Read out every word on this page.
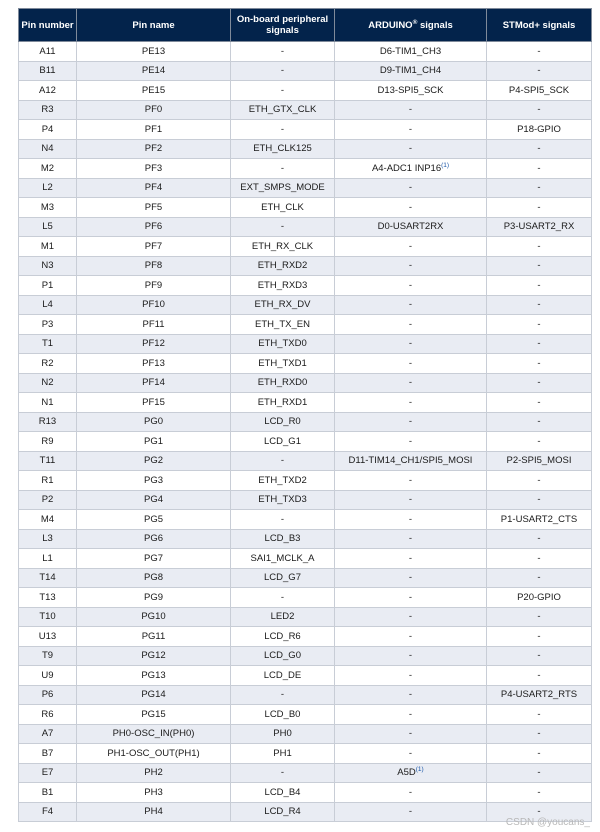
Pin number	Pin name	On-board peripheral signals	ARDUINO® signals	STMod+ signals
A11	PE13	-	D6-TIM1_CH3	-
B11	PE14	-	D9-TIM1_CH4	-
A12	PE15	-	D13-SPI5_SCK	P4-SPI5_SCK
R3	PF0	ETH_GTX_CLK	-	-
P4	PF1	-	-	P18-GPIO
N4	PF2	ETH_CLK125	-	-
M2	PF3	-	A4-ADC1 INP16$^{(1)}$	-
L2	PF4	EXT_SMPS_MODE	-	-
M3	PF5	ETH_CLK	-	-
L5	PF6	-	D0-USART2RX	P3-USART2_RX
M1	PF7	ETH_RX_CLK	-	-
N3	PF8	ETH_RXD2	-	-
P1	PF9	ETH_RXD3	-	-
L4	PF10	ETH_RX_DV	-	-
P3	PF11	ETH_TX_EN	-	-
T1	PF12	ETH_TXD0	-	-
R2	PF13	ETH_TXD1	-	-
N2	PF14	ETH_RXD0	-	-
N1	PF15	ETH_RXD1	-	-
R13	PG0	LCD_R0	-	-
R9	PG1	LCD_G1	-	-
T11	PG2	-	D11-TIM14_CH1/SPI5_MOSI	P2-SPI5_MOSI
R1	PG3	ETH_TXD2	-	-
P2	PG4	ETH_TXD3	-	-
M4	PG5	-	-	P1-USART2_CTS
L3	PG6	LCD_B3	-	-
L1	PG7	SAI1_MCLK_A	-	-
T14	PG8	LCD_G7	-	-
T13	PG9	-	-	P20-GPIO
T10	PG10	LED2	-	-
U13	PG11	LCD_R6	-	-
T9	PG12	LCD_G0	-	-
U9	PG13	LCD_DE	-	-
P6	PG14	-	-	P4-USART2_RTS
R6	PG15	LCD_B0	-	-
A7	PH0-OSC_IN(PH0)	PH0	-	-
B7	PH1-OSC_OUT(PH1)	PH1	-	-
E7	PH2	-	A5D$^{(1)}$	-
B1	PH3	LCD_B4	-	-
F4	PH4	LCD_R4	-	-
CSDN @youcans_
